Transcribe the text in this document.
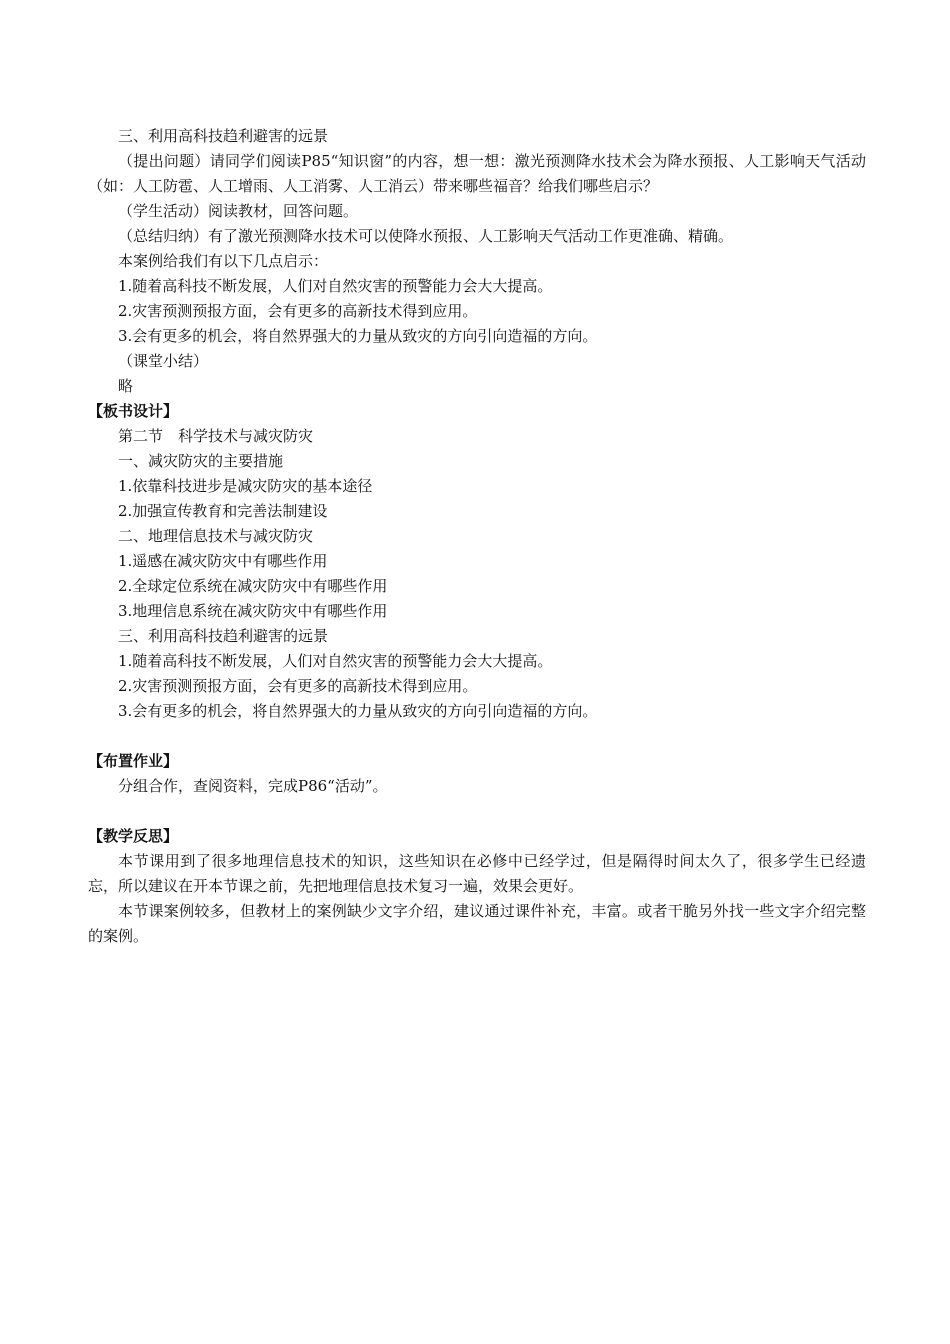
三、利用高科技趋利避害的远景

（提出问题）请同学们阅读P85“知识窗”的内容，想一想：激光预测降水技术会为降水预报、人工影响天气活动（如：人工防雹、人工增雨、人工消雾、人工消云）带来哪些福音？给我们哪些启示？

（学生活动）阅读教材，回答问题。

（总结归纳）有了激光预测降水技术可以使降水预报、人工影响天气活动工作更准确、精确。

本案例给我们有以下几点启示：

1.随着高科技不断发展，人们对自然灾害的预警能力会大大提高。

2.灾害预测预报方面，会有更多的高新技术得到应用。

3.会有更多的机会，将自然界强大的力量从致灾的方向引向造福的方向。

（课堂小结）

略

【板书设计】

第二节　科学技术与减灾防灾

一、减灾防灾的主要措施

1.依靠科技进步是减灾防灾的基本途径

2.加强宣传教育和完善法制建设

二、地理信息技术与减灾防灾

1.遥感在减灾防灾中有哪些作用

2.全球定位系统在减灾防灾中有哪些作用

3.地理信息系统在减灾防灾中有哪些作用

三、利用高科技趋利避害的远景

1.随着高科技不断发展，人们对自然灾害的预警能力会大大提高。

2.灾害预测预报方面，会有更多的高新技术得到应用。

3.会有更多的机会，将自然界强大的力量从致灾的方向引向造福的方向。

【布置作业】

分组合作，查阅资料，完成P86“活动”。

【教学反思】

本节课用到了很多地理信息技术的知识，这些知识在必修中已经学过，但是隔得时间太久了，很多学生已经遗忘，所以建议在开本节课之前，先把地理信息技术复习一遍，效果会更好。

本节课案例较多，但教材上的案例缺少文字介绍，建议通过课件补充，丰富。或者干脆另外找一些文字介绍完整的案例。
